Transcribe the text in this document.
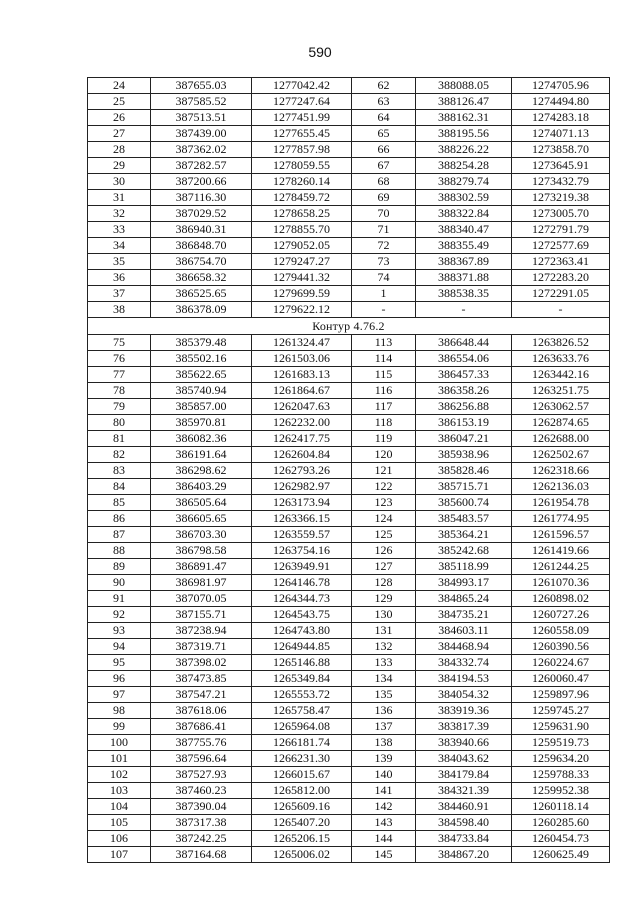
590
24	387655.03	1277042.42	62	388088.05	1274705.96
25	387585.52	1277247.64	63	388126.47	1274494.80
26	387513.51	1277451.99	64	388162.31	1274283.18
27	387439.00	1277655.45	65	388195.56	1274071.13
28	387362.02	1277857.98	66	388226.22	1273858.70
29	387282.57	1278059.55	67	388254.28	1273645.91
30	387200.66	1278260.14	68	388279.74	1273432.79
31	387116.30	1278459.72	69	388302.59	1273219.38
32	387029.52	1278658.25	70	388322.84	1273005.70
33	386940.31	1278855.70	71	388340.47	1272791.79
34	386848.70	1279052.05	72	388355.49	1272577.69
35	386754.70	1279247.27	73	388367.89	1272363.41
36	386658.32	1279441.32	74	388371.88	1272283.20
37	386525.65	1279699.59	1	388538.35	1272291.05
38	386378.09	1279622.12	-	-	-
Контур 4.76.2					
75	385379.48	1261324.47	113	386648.44	1263826.52
76	385502.16	1261503.06	114	386554.06	1263633.76
77	385622.65	1261683.13	115	386457.33	1263442.16
78	385740.94	1261864.67	116	386358.26	1263251.75
79	385857.00	1262047.63	117	386256.88	1263062.57
80	385970.81	1262232.00	118	386153.19	1262874.65
81	386082.36	1262417.75	119	386047.21	1262688.00
82	386191.64	1262604.84	120	385938.96	1262502.67
83	386298.62	1262793.26	121	385828.46	1262318.66
84	386403.29	1262982.97	122	385715.71	1262136.03
85	386505.64	1263173.94	123	385600.74	1261954.78
86	386605.65	1263366.15	124	385483.57	1261774.95
87	386703.30	1263559.57	125	385364.21	1261596.57
88	386798.58	1263754.16	126	385242.68	1261419.66
89	386891.47	1263949.91	127	385118.99	1261244.25
90	386981.97	1264146.78	128	384993.17	1261070.36
91	387070.05	1264344.73	129	384865.24	1260898.02
92	387155.71	1264543.75	130	384735.21	1260727.26
93	387238.94	1264743.80	131	384603.11	1260558.09
94	387319.71	1264944.85	132	384468.94	1260390.56
95	387398.02	1265146.88	133	384332.74	1260224.67
96	387473.85	1265349.84	134	384194.53	1260060.47
97	387547.21	1265553.72	135	384054.32	1259897.96
98	387618.06	1265758.47	136	383919.36	1259745.27
99	387686.41	1265964.08	137	383817.39	1259631.90
100	387755.76	1266181.74	138	383940.66	1259519.73
101	387596.64	1266231.30	139	384043.62	1259634.20
102	387527.93	1266015.67	140	384179.84	1259788.33
103	387460.23	1265812.00	141	384321.39	1259952.38
104	387390.04	1265609.16	142	384460.91	1260118.14
105	387317.38	1265407.20	143	384598.40	1260285.60
106	387242.25	1265206.15	144	384733.84	1260454.73
107	387164.68	1265006.02	145	384867.20	1260625.49
